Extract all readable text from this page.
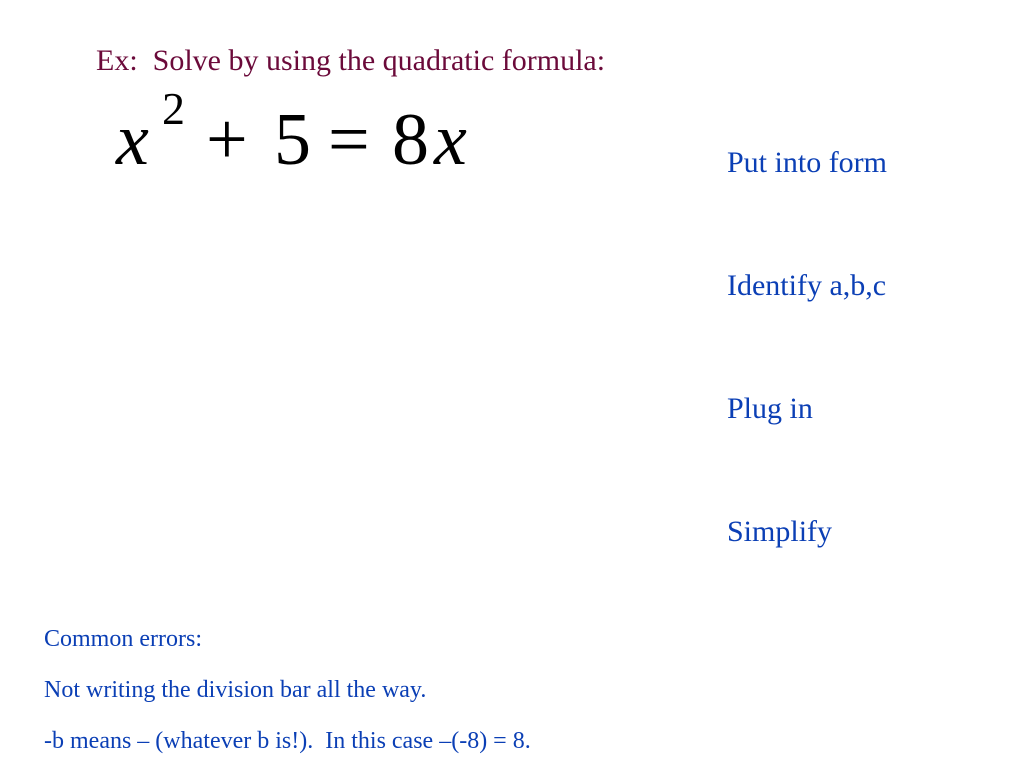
Ex:  Solve by using the quadratic formula:
x 2 + 5 = 8 x	Put into form
Identify a,b,c
Plug in
Simplify
Common errors:
Not writing the division bar all the way.
-b means – (whatever b is!).  In this case –(-8) = 8.
